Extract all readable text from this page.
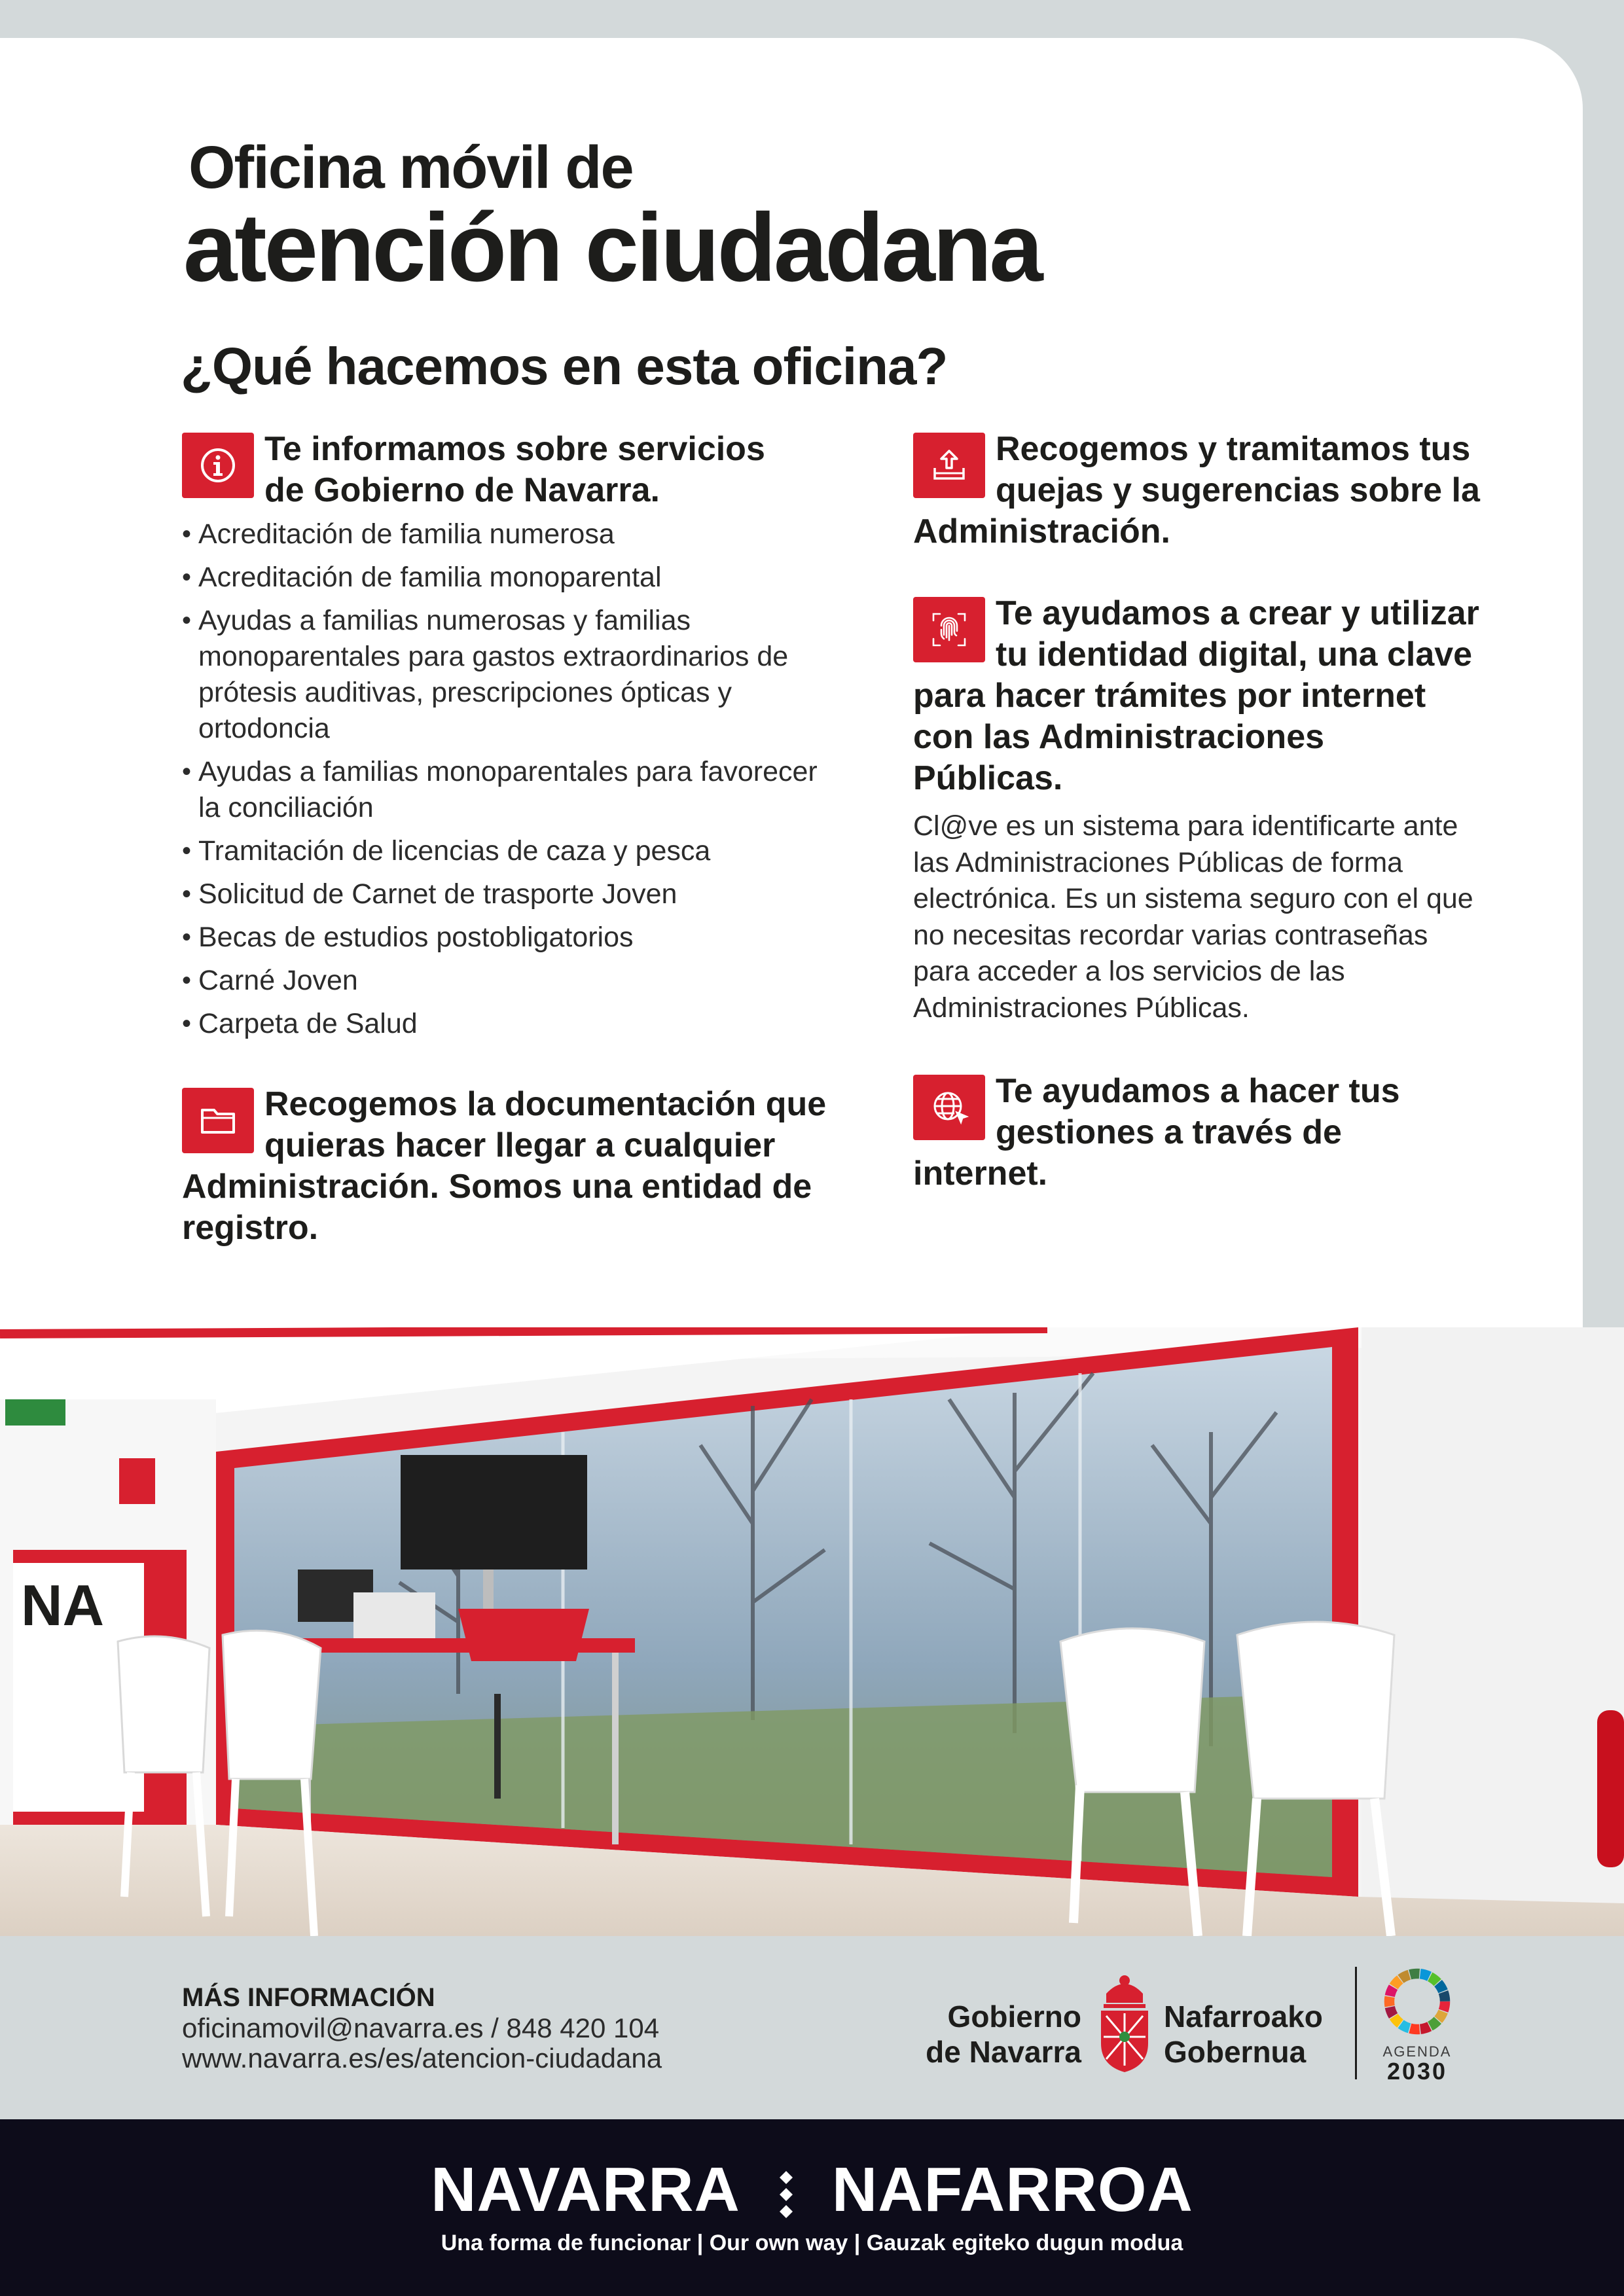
Oficina móvil de
atención ciudadana
¿Qué hacemos en esta oficina?

Te informamos sobre servicios
de Gobierno de Navarra.

• Acreditación de familia numerosa
• Acreditación de familia monoparental
• Ayudas a familias numerosas y familias monoparentales para gastos extraordinarios de prótesis auditivas, prescripciones ópticas y ortodoncia
• Ayudas a familias monoparentales para favorecer la conciliación
• Tramitación de licencias de caza y pesca
• Solicitud de Carnet de trasporte Joven
• Becas de estudios postobligatorios
• Carné Joven
• Carpeta de Salud

Recogemos la documentación que quieras hacer llegar a cualquier Administración. Somos una entidad de registro.

Recogemos y tramitamos tus quejas y sugerencias sobre la Administración.

Te ayudamos a crear y utilizar tu identidad digital, una clave para hacer trámites por internet con las Administraciones Públicas.

Cl@ve es un sistema para identificarte ante las Administraciones Públicas de forma electrónica. Es un sistema seguro con el que no necesitas recordar varias contraseñas para acceder a los servicios de las Administraciones Públicas.

Te ayudamos a hacer tus gestiones a través de internet.

NA
MÁS INFORMACIÓN
oficinamovil@navarra.es / 848 420 104
www.navarra.es/es/atencion-ciudadana
Gobierno
de Navarra
Nafarroako
Gobernua	AGENDA
2030
NAVARRA NAFARROA
Una forma de funcionar | Our own way | Gauzak egiteko dugun modua
